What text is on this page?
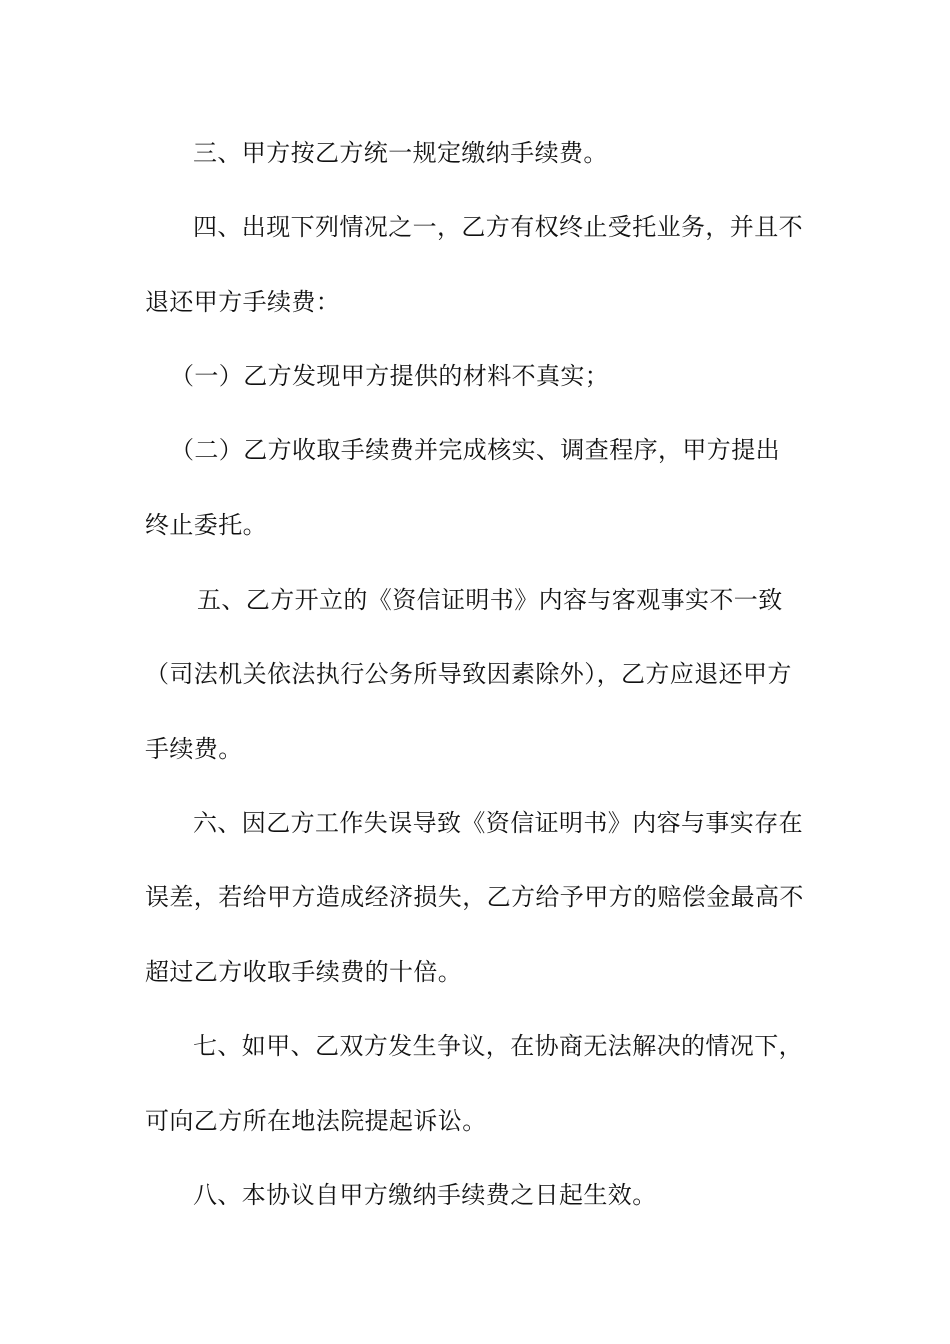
三、甲方按乙方统一规定缴纳手续费。
四、出现下列情况之一，乙方有权终止受托业务，并且不
退还甲方手续费：
（一）乙方发现甲方提供的材料不真实；
（二）乙方收取手续费并完成核实、调查程序，甲方提出
终止委托。
五、乙方开立的《资信证明书》内容与客观事实不一致
（司法机关依法执行公务所导致因素除外），乙方应退还甲方
手续费。
六、因乙方工作失误导致《资信证明书》内容与事实存在
误差，若给甲方造成经济损失，乙方给予甲方的赔偿金最高不
超过乙方收取手续费的十倍。
七、如甲、乙双方发生争议，在协商无法解决的情况下，
可向乙方所在地法院提起诉讼。
八、本协议自甲方缴纳手续费之日起生效。
